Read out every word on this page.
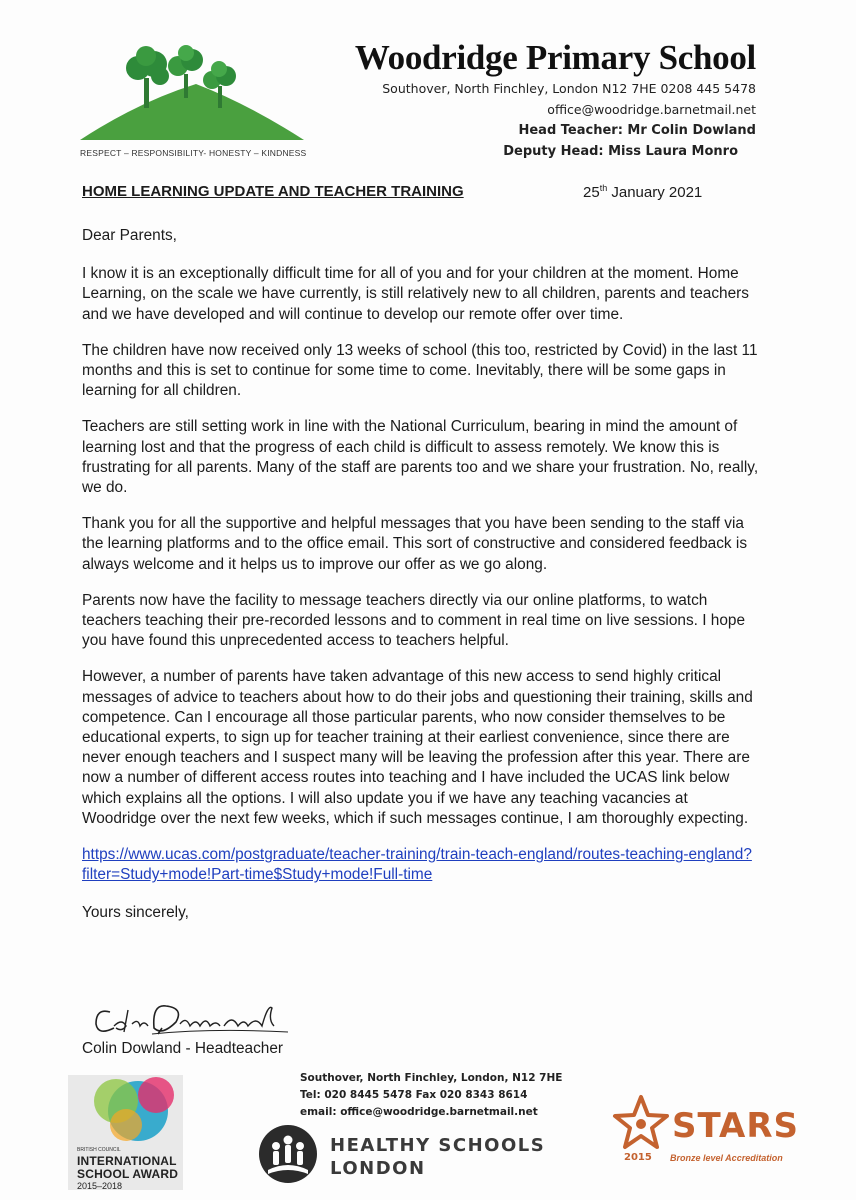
RESPECT – RESPONSIBILITY- HONESTY – KINDNESS
Woodridge Primary School
Southover, North Finchley, London N12 7HE 0208 445 5478
office@woodridge.barnetmail.net
Head Teacher: Mr Colin Dowland
Deputy Head: Miss Laura Monro
HOME LEARNING UPDATE AND TEACHER TRAINING	25th January 2021

Dear Parents,

I know it is an exceptionally difficult time for all of you and for your children at the moment. Home Learning, on the scale we have currently, is still relatively new to all children, parents and teachers and we have developed and will continue to develop our remote offer over time.

The children have now received only 13 weeks of school (this too, restricted by Covid) in the last 11 months and this is set to continue for some time to come. Inevitably, there will be some gaps in learning for all children.

Teachers are still setting work in line with the National Curriculum, bearing in mind the amount of learning lost and that the progress of each child is difficult to assess remotely. We know this is frustrating for all parents. Many of the staff are parents too and we share your frustration. No, really, we do.

Thank you for all the supportive and helpful messages that you have been sending to the staff via the learning platforms and to the office email. This sort of constructive and considered feedback is always welcome and it helps us to improve our offer as we go along.

Parents now have the facility to message teachers directly via our online platforms, to watch teachers teaching their pre-recorded lessons and to comment in real time on live sessions. I hope you have found this unprecedented access to teachers helpful.

However, a number of parents have taken advantage of this new access to send highly critical messages of advice to teachers about how to do their jobs and questioning their training, skills and competence. Can I encourage all those particular parents, who now consider themselves to be educational experts, to sign up for teacher training at their earliest convenience, since there are never enough teachers and I suspect many will be leaving the profession after this year. There are now a number of different access routes into teaching and I have included the UCAS link below which explains all the options. I will also update you if we have any teaching vacancies at Woodridge over the next few weeks, which if such messages continue, I am thoroughly expecting.

https://www.ucas.com/postgraduate/teacher-training/train-teach-england/routes-teaching-england?filter=Study+mode!Part-time$Study+mode!Full-time

Yours sincerely,

Colin Dowland - Headteacher
BRITISH COUNCIL
INTERNATIONAL
SCHOOL AWARD
2015–2018
Southover, North Finchley, London, N12 7HE
Tel: 020 8445 5478 Fax 020 8343 8614
email: office@woodridge.barnetmail.net
HEALTHY SCHOOLS
LONDON
STARS
2015 Bronze level Accreditation
